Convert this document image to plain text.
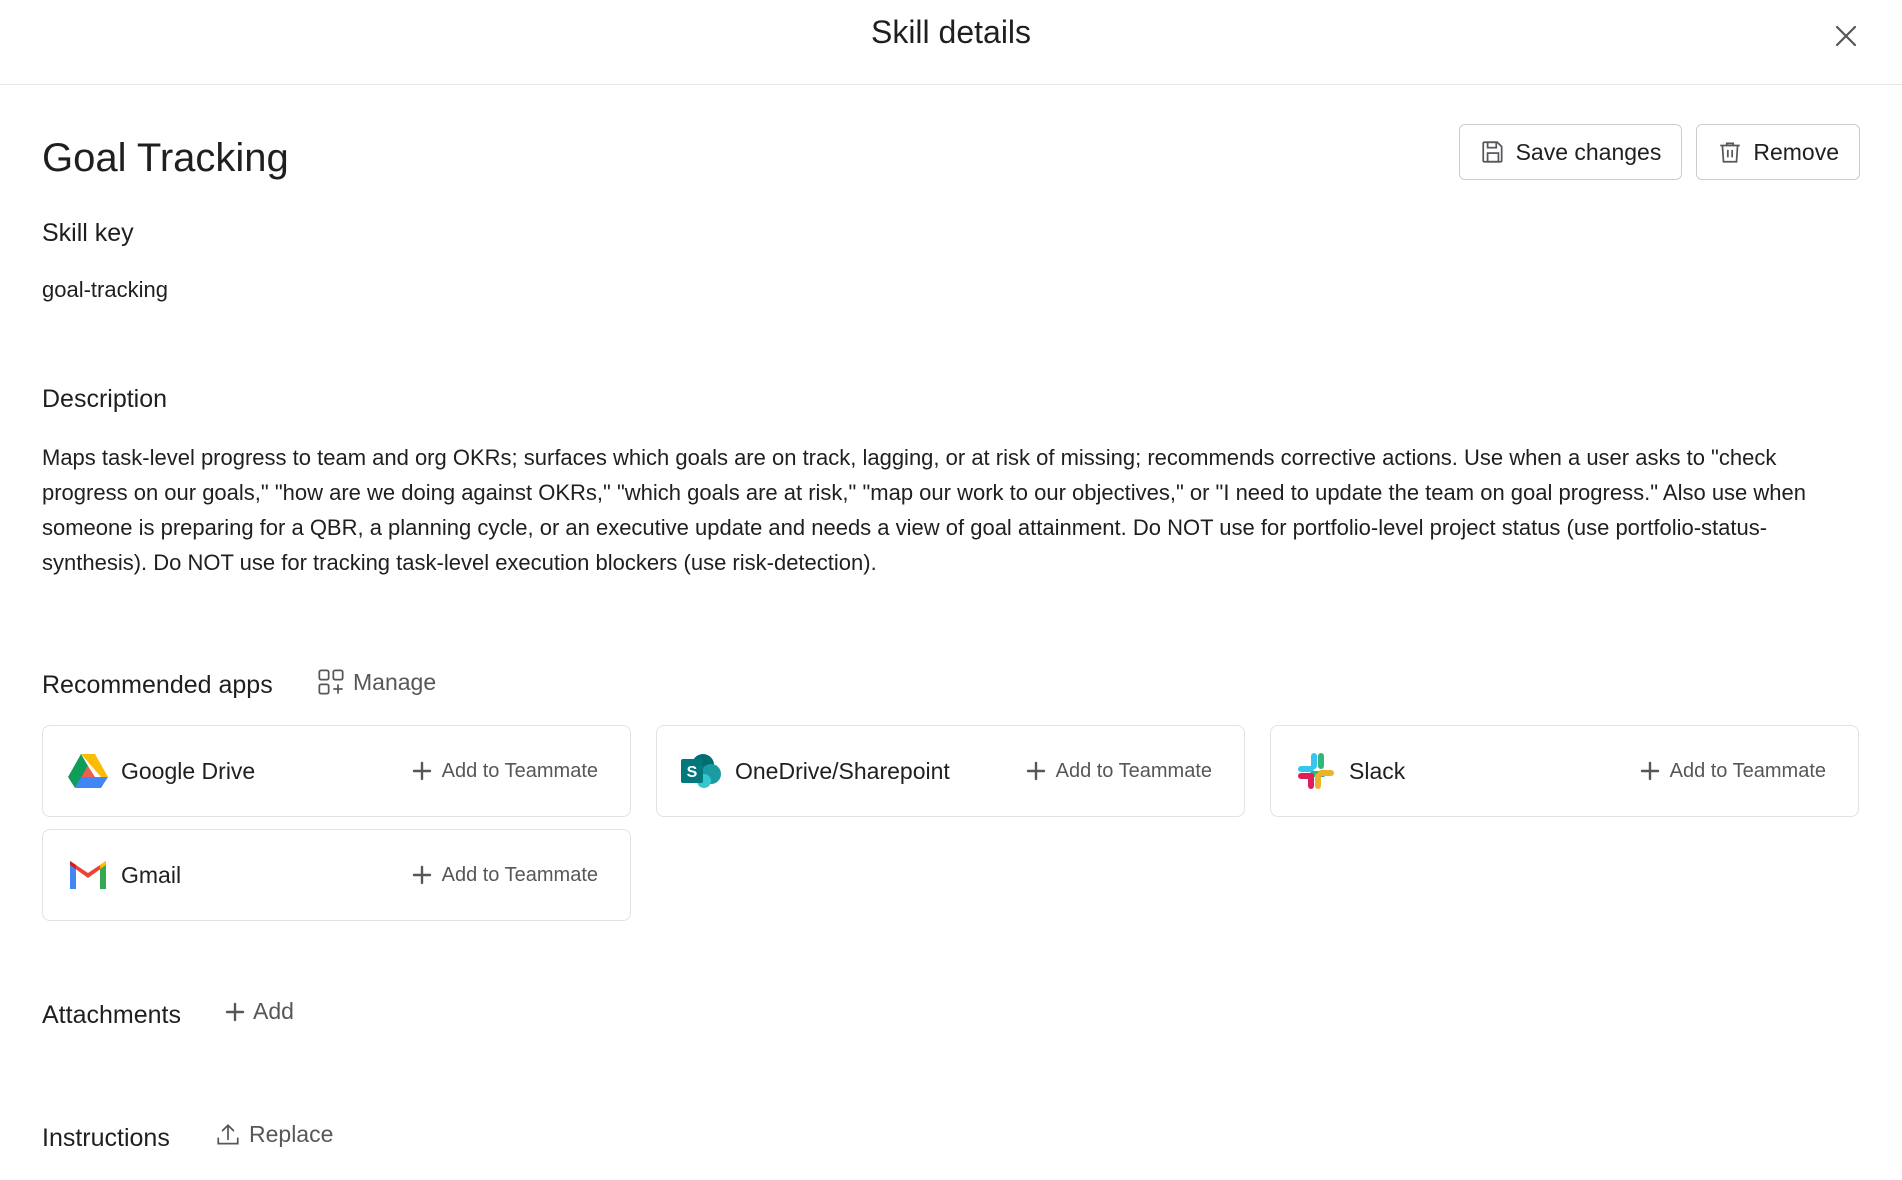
Skill details
Goal Tracking	Save changes	Remove
Skill key
goal-tracking
Description
Maps task-level progress to team and org OKRs; surfaces which goals are on track, lagging, or at risk of missing; recommends corrective actions. Use when a user asks to "check progress on our goals," "how are we doing against OKRs," "which goals are at risk," "map our work to our objectives," or "I need to update the team on goal progress." Also use when someone is preparing for a QBR, a planning cycle, or an executive update and needs a view of goal attainment. Do NOT use for portfolio-level project status (use portfolio-status-synthesis). Do NOT use for tracking task-level execution blockers (use risk-detection).
Recommended apps	Manage
Google Drive	Add to Teammate	S OneDrive/Sharepoint	Add to Teammate	Slack	Add to Teammate
Gmail	Add to Teammate
Attachments	Add
Instructions	Replace
